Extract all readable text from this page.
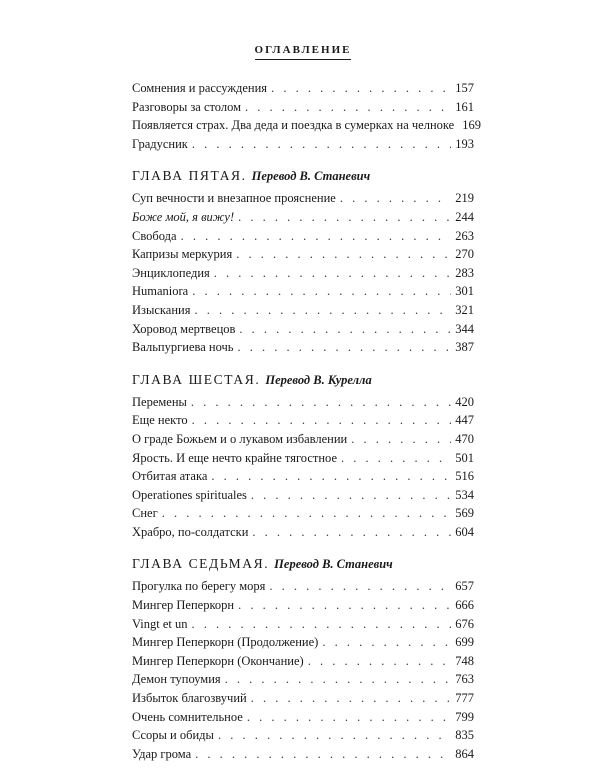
ОГЛАВЛЕНИЕ
Сомнения и рассуждения . . .	157
Разговоры за столом . . .	161
Появляется страх. Два деда и поездка в сумерках на челноке 169
Градусник . . .	193
ГЛАВА ПЯТАЯ. Перевод В. Станевич
Суп вечности и внезапное прояснение . . .	219
Боже мой, я вижу! . . .	244
Свобода . . .	263
Капризы меркурия . . .	270
Энциклопедия . . .	283
Humaniora . . .	301
Изыскания . . .	321
Хоровод мертвецов . . .	344
Вальпургиева ночь . . .	387
ГЛАВА ШЕСТАЯ. Перевод В. Курелла
Перемены . . .	420
Еще некто . . .	447
О граде Божьем и о лукавом избавлении . . .	470
Ярость. И еще нечто крайне тягостное . . .	501
Отбитая атака . . .	516
Operationes spirituales . . .	534
Снег . . .	569
Храбро, по-солдатски . . .	604
ГЛАВА СЕДЬМАЯ. Перевод В. Станевич
Прогулка по берегу моря . . .	657
Мингер Пеперкорн . . .	666
Vingt et un . . .	676
Мингер Пеперкорн (Продолжение) . . .	699
Мингер Пеперкорн (Окончание) . . .	748
Демон тупоумия . . .	763
Избыток благозвучий . . .	777
Очень сомнительное . . .	799
Ссоры и обиды . . .	835
Удар грома . . .	864
